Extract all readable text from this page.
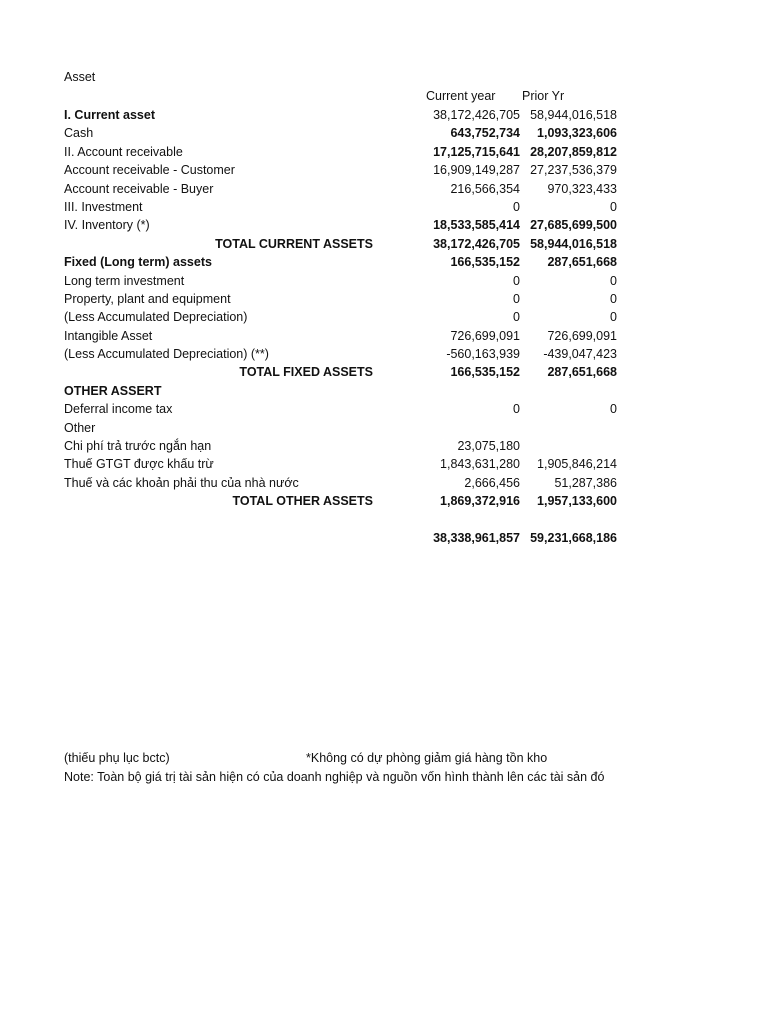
Asset
Current year Prior Yr
I. Current asset	38,172,426,705 58,944,016,518
Cash	643,752,734 1,093,323,606
II. Account receivable	17,125,715,641 28,207,859,812
Account receivable - Customer	16,909,149,287 27,237,536,379
Account receivable - Buyer	216,566,354 970,323,433
III. Investment	0	0
IV. Inventory (*)	18,533,585,414 27,685,699,500
TOTAL CURRENT ASSETS	38,172,426,705 58,944,016,518
Fixed (Long term) assets	166,535,152 287,651,668
Long term investment	0	0
Property, plant and equipment	0	0
(Less Accumulated Depreciation)	0	0
Intangible Asset	726,699,091 726,699,091
(Less Accumulated Depreciation) (**)	-560,163,939 -439,047,423
TOTAL FIXED ASSETS	166,535,152 287,651,668
OTHER ASSERT
Deferral income tax	0	0
Other
Chi phí trả trước ngắn hạn	23,075,180
Thuế GTGT được khấu trừ	1,843,631,280 1,905,846,214
Thuế và các khoản phải thu của nhà nước	2,666,456	51,287,386
TOTAL OTHER ASSETS	1,869,372,916 1,957,133,600
38,338,961,857 59,231,668,186
(thiếu phụ lục bctc)	*Không có dự phòng giảm giá hàng tồn kho
Note: Toàn bộ giá trị tài sản hiện có của doanh nghiệp và nguồn vốn hình thành lên các tài sản đó
